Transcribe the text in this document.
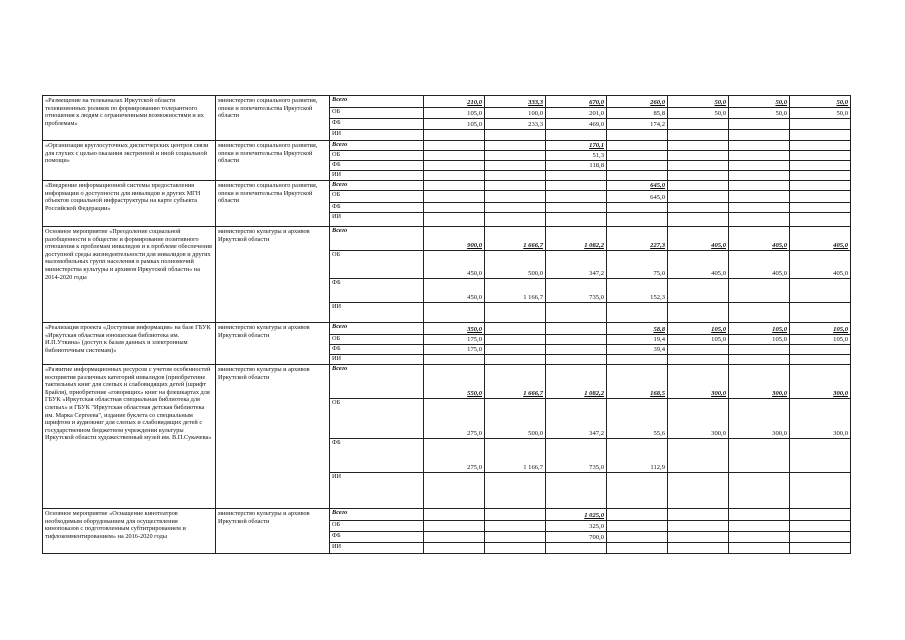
«Размещение на телеканалах Иркутской области телевизионных роликов по формированию толерантного отношения к людям с ограниченными возможностями и их проблемам»	министерство социального развития, опеки и попечительства Иркутской области	Всего	210,0	333,3	670,0	260,0	50,0	50,0	50,0	
		ОБ	105,0	100,0	201,0	85,8	50,0	50,0	50,0	
		ФБ	105,0	233,3	469,0	174,2				
		ИИ								
«Организация круглосуточных диспетчерских центров связи для глухих с целью оказания экстренной и иной социальной помощи»	министерство социального развития, опеки и попечительства Иркутской области	Всего			170,1					
		ОБ			51,3					
		ФБ			118,8					
		ИИ								
«Внедрение информационной системы предоставления информации о доступности для инвалидов и других МГН объектов социальной инфраструктуры на карте субъекта Российской Федерации»	министерство социального развития, опеки и попечительства Иркутской области	Всего				645,0				
		ОБ				645,0				
		ФБ								
		ИИ								
Основное мероприятие «Преодоление социальной разобщенности в обществе и формирование позитивного отношения к проблемам инвалидов и к проблеме обеспечения доступной среды жизнедеятельности для инвалидов и других маломобильных групп населения в рамках полномочий министерства культуры и архивов Иркутской области» на 2014-2020 годы	министерство культуры и архивов Иркутской области	Всего	900,0	1 666,7	1 082,2	227,3	405,0	405,0	405,0	
		ОБ	450,0	500,0	347,2	75,0	405,0	405,0	405,0	
		ФБ	450,0	1 166,7	735,0	152,3				
		ИИ								
«Реализация проекта «Доступная информация» на базе ГБУК «Иркутская областная юношеская библиотека им. И.П.Уткина» (доступ к базам данных и электронным библиотечным системам)»	министерство культуры и архивов Иркутской области	Всего	350,0			58,8	105,0	105,0	105,0	
		ОБ	175,0			19,4	105,0	105,0	105,0	
		ФБ	175,0			39,4				
		ИИ								
«Развитие информационных ресурсов с учетом особенностей восприятия различных категорий инвалидов (приобретение тактильных книг для слепых и слабовидящих детей (шрифт Брайля), приобретение «говорящих» книг на флешкартах для ГБУК «Иркутская областная специальная библиотека для слепых» и ГБУК "Иркутская областная детская библиотека им. Марка Сергеева", издание буклета со специальным шрифтом и аудиокниг для слепых и слабовидящих детей с государственном бюджетном учреждении культуры Иркутской области художественный музей им. В.П.Сукачева»	министерство культуры и архивов Иркутской области	Всего	550,0	1 666,7	1 082,2	168,5	300,0	300,0	300,0	
		ОБ	275,0	500,0	347,2	55,6	300,0	300,0	300,0	
		ФБ	275,0	1 166,7	735,0	112,9				
		ИИ								
Основное мероприятие «Оснащение кинотеатров необходимым оборудованием для осуществления кинопоказов с подготовленным субтитрированием и тифлокомментированием» на 2016-2020 годы	министерство культуры и архивов Иркутской области	Всего			1 025,0					
		ОБ			325,0					
		ФБ			700,0					
		ИИ								
